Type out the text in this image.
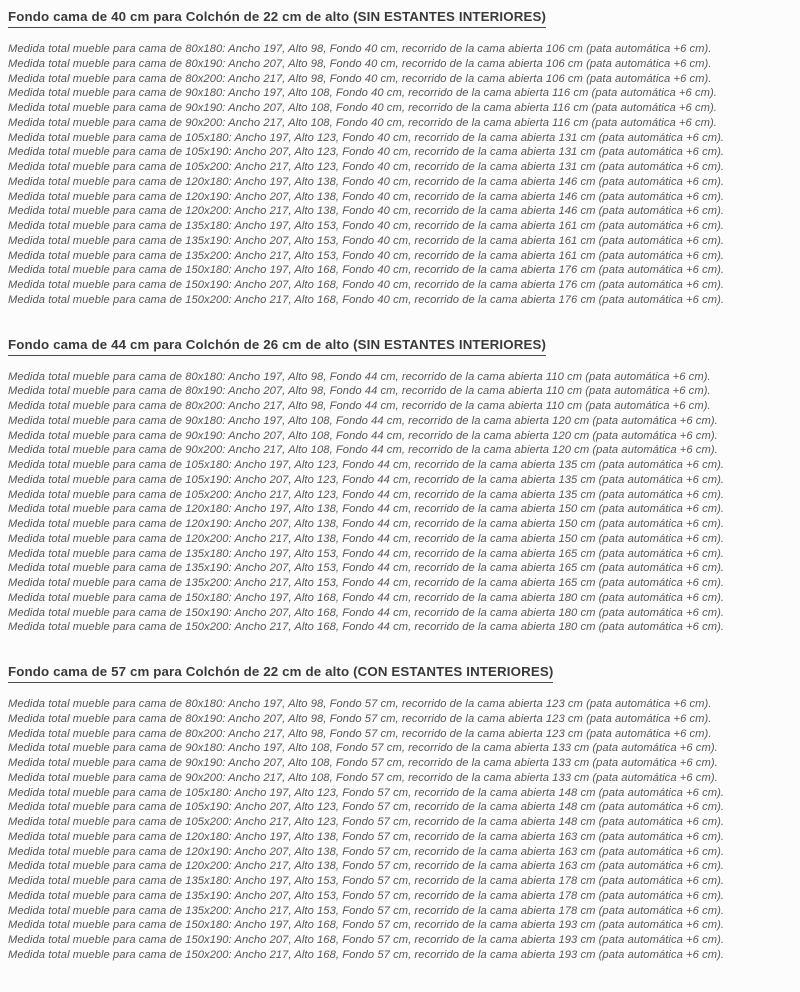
Fondo cama de 40 cm para Colchón de 22 cm de alto (SIN ESTANTES INTERIORES)
Medida total mueble para cama de 80x180: Ancho 197, Alto 98, Fondo 40 cm, recorrido de la cama abierta 106 cm (pata automática +6 cm).
Medida total mueble para cama de 80x190: Ancho 207, Alto 98, Fondo 40 cm, recorrido de la cama abierta 106 cm (pata automática +6 cm).
Medida total mueble para cama de 80x200: Ancho 217, Alto 98, Fondo 40 cm, recorrido de la cama abierta 106 cm (pata automática +6 cm).
Medida total mueble para cama de 90x180: Ancho 197, Alto 108, Fondo 40 cm, recorrido de la cama abierta 116 cm (pata automática +6 cm).
Medida total mueble para cama de 90x190: Ancho 207, Alto 108, Fondo 40 cm, recorrido de la cama abierta 116 cm (pata automática +6 cm).
Medida total mueble para cama de 90x200: Ancho 217, Alto 108, Fondo 40 cm, recorrido de la cama abierta 116 cm (pata automática +6 cm).
Medida total mueble para cama de 105x180: Ancho 197, Alto 123, Fondo 40 cm, recorrido de la cama abierta 131 cm (pata automática +6 cm).
Medida total mueble para cama de 105x190: Ancho 207, Alto 123, Fondo 40 cm, recorrido de la cama abierta 131 cm (pata automática +6 cm).
Medida total mueble para cama de 105x200: Ancho 217, Alto 123, Fondo 40 cm, recorrido de la cama abierta 131 cm (pata automática +6 cm).
Medida total mueble para cama de 120x180: Ancho 197, Alto 138, Fondo 40 cm, recorrido de la cama abierta 146 cm (pata automática +6 cm).
Medida total mueble para cama de 120x190: Ancho 207, Alto 138, Fondo 40 cm, recorrido de la cama abierta 146 cm (pata automática +6 cm).
Medida total mueble para cama de 120x200: Ancho 217, Alto 138, Fondo 40 cm, recorrido de la cama abierta 146 cm (pata automática +6 cm).
Medida total mueble para cama de 135x180: Ancho 197, Alto 153, Fondo 40 cm, recorrido de la cama abierta 161 cm (pata automática +6 cm).
Medida total mueble para cama de 135x190: Ancho 207, Alto 153, Fondo 40 cm, recorrido de la cama abierta 161 cm (pata automática +6 cm).
Medida total mueble para cama de 135x200: Ancho 217, Alto 153, Fondo 40 cm, recorrido de la cama abierta 161 cm (pata automática +6 cm).
Medida total mueble para cama de 150x180: Ancho 197, Alto 168, Fondo 40 cm, recorrido de la cama abierta 176 cm (pata automática +6 cm).
Medida total mueble para cama de 150x190: Ancho 207, Alto 168, Fondo 40 cm, recorrido de la cama abierta 176 cm (pata automática +6 cm).
Medida total mueble para cama de 150x200: Ancho 217, Alto 168, Fondo 40 cm, recorrido de la cama abierta 176 cm (pata automática +6 cm).
Fondo cama de 44 cm para Colchón de 26 cm de alto (SIN ESTANTES INTERIORES)
Medida total mueble para cama de 80x180: Ancho 197, Alto 98, Fondo 44 cm, recorrido de la cama abierta 110 cm (pata automática +6 cm).
Medida total mueble para cama de 80x190: Ancho 207, Alto 98, Fondo 44 cm, recorrido de la cama abierta 110 cm (pata automática +6 cm).
Medida total mueble para cama de 80x200: Ancho 217, Alto 98, Fondo 44 cm, recorrido de la cama abierta 110 cm (pata automática +6 cm).
Medida total mueble para cama de 90x180: Ancho 197, Alto 108, Fondo 44 cm, recorrido de la cama abierta 120 cm (pata automática +6 cm).
Medida total mueble para cama de 90x190: Ancho 207, Alto 108, Fondo 44 cm, recorrido de la cama abierta 120 cm (pata automática +6 cm).
Medida total mueble para cama de 90x200: Ancho 217, Alto 108, Fondo 44 cm, recorrido de la cama abierta 120 cm (pata automática +6 cm).
Medida total mueble para cama de 105x180: Ancho 197, Alto 123, Fondo 44 cm, recorrido de la cama abierta 135 cm (pata automática +6 cm).
Medida total mueble para cama de 105x190: Ancho 207, Alto 123, Fondo 44 cm, recorrido de la cama abierta 135 cm (pata automática +6 cm).
Medida total mueble para cama de 105x200: Ancho 217, Alto 123, Fondo 44 cm, recorrido de la cama abierta 135 cm (pata automática +6 cm).
Medida total mueble para cama de 120x180: Ancho 197, Alto 138, Fondo 44 cm, recorrido de la cama abierta 150 cm (pata automática +6 cm).
Medida total mueble para cama de 120x190: Ancho 207, Alto 138, Fondo 44 cm, recorrido de la cama abierta 150 cm (pata automática +6 cm).
Medida total mueble para cama de 120x200: Ancho 217, Alto 138, Fondo 44 cm, recorrido de la cama abierta 150 cm (pata automática +6 cm).
Medida total mueble para cama de 135x180: Ancho 197, Alto 153, Fondo 44 cm, recorrido de la cama abierta 165 cm (pata automática +6 cm).
Medida total mueble para cama de 135x190: Ancho 207, Alto 153, Fondo 44 cm, recorrido de la cama abierta 165 cm (pata automática +6 cm).
Medida total mueble para cama de 135x200: Ancho 217, Alto 153, Fondo 44 cm, recorrido de la cama abierta 165 cm (pata automática +6 cm).
Medida total mueble para cama de 150x180: Ancho 197, Alto 168, Fondo 44 cm, recorrido de la cama abierta 180 cm (pata automática +6 cm).
Medida total mueble para cama de 150x190: Ancho 207, Alto 168, Fondo 44 cm, recorrido de la cama abierta 180 cm (pata automática +6 cm).
Medida total mueble para cama de 150x200: Ancho 217, Alto 168, Fondo 44 cm, recorrido de la cama abierta 180 cm (pata automática +6 cm).
Fondo cama de 57 cm para Colchón de 22 cm de alto (CON ESTANTES INTERIORES)
Medida total mueble para cama de 80x180: Ancho 197, Alto 98, Fondo 57 cm, recorrido de la cama abierta 123 cm (pata automática +6 cm).
Medida total mueble para cama de 80x190: Ancho 207, Alto 98, Fondo 57 cm, recorrido de la cama abierta 123 cm (pata automática +6 cm).
Medida total mueble para cama de 80x200: Ancho 217, Alto 98, Fondo 57 cm, recorrido de la cama abierta 123 cm (pata automática +6 cm).
Medida total mueble para cama de 90x180: Ancho 197, Alto 108, Fondo 57 cm, recorrido de la cama abierta 133 cm (pata automática +6 cm).
Medida total mueble para cama de 90x190: Ancho 207, Alto 108, Fondo 57 cm, recorrido de la cama abierta 133 cm (pata automática +6 cm).
Medida total mueble para cama de 90x200: Ancho 217, Alto 108, Fondo 57 cm, recorrido de la cama abierta 133 cm (pata automática +6 cm).
Medida total mueble para cama de 105x180: Ancho 197, Alto 123, Fondo 57 cm, recorrido de la cama abierta 148 cm (pata automática +6 cm).
Medida total mueble para cama de 105x190: Ancho 207, Alto 123, Fondo 57 cm, recorrido de la cama abierta 148 cm (pata automática +6 cm).
Medida total mueble para cama de 105x200: Ancho 217, Alto 123, Fondo 57 cm, recorrido de la cama abierta 148 cm (pata automática +6 cm).
Medida total mueble para cama de 120x180: Ancho 197, Alto 138, Fondo 57 cm, recorrido de la cama abierta 163 cm (pata automática +6 cm).
Medida total mueble para cama de 120x190: Ancho 207, Alto 138, Fondo 57 cm, recorrido de la cama abierta 163 cm (pata automática +6 cm).
Medida total mueble para cama de 120x200: Ancho 217, Alto 138, Fondo 57 cm, recorrido de la cama abierta 163 cm (pata automática +6 cm).
Medida total mueble para cama de 135x180: Ancho 197, Alto 153, Fondo 57 cm, recorrido de la cama abierta 178 cm (pata automática +6 cm).
Medida total mueble para cama de 135x190: Ancho 207, Alto 153, Fondo 57 cm, recorrido de la cama abierta 178 cm (pata automática +6 cm).
Medida total mueble para cama de 135x200: Ancho 217, Alto 153, Fondo 57 cm, recorrido de la cama abierta 178 cm (pata automática +6 cm).
Medida total mueble para cama de 150x180: Ancho 197, Alto 168, Fondo 57 cm, recorrido de la cama abierta 193 cm (pata automática +6 cm).
Medida total mueble para cama de 150x190: Ancho 207, Alto 168, Fondo 57 cm, recorrido de la cama abierta 193 cm (pata automática +6 cm).
Medida total mueble para cama de 150x200: Ancho 217, Alto 168, Fondo 57 cm, recorrido de la cama abierta 193 cm (pata automática +6 cm).
